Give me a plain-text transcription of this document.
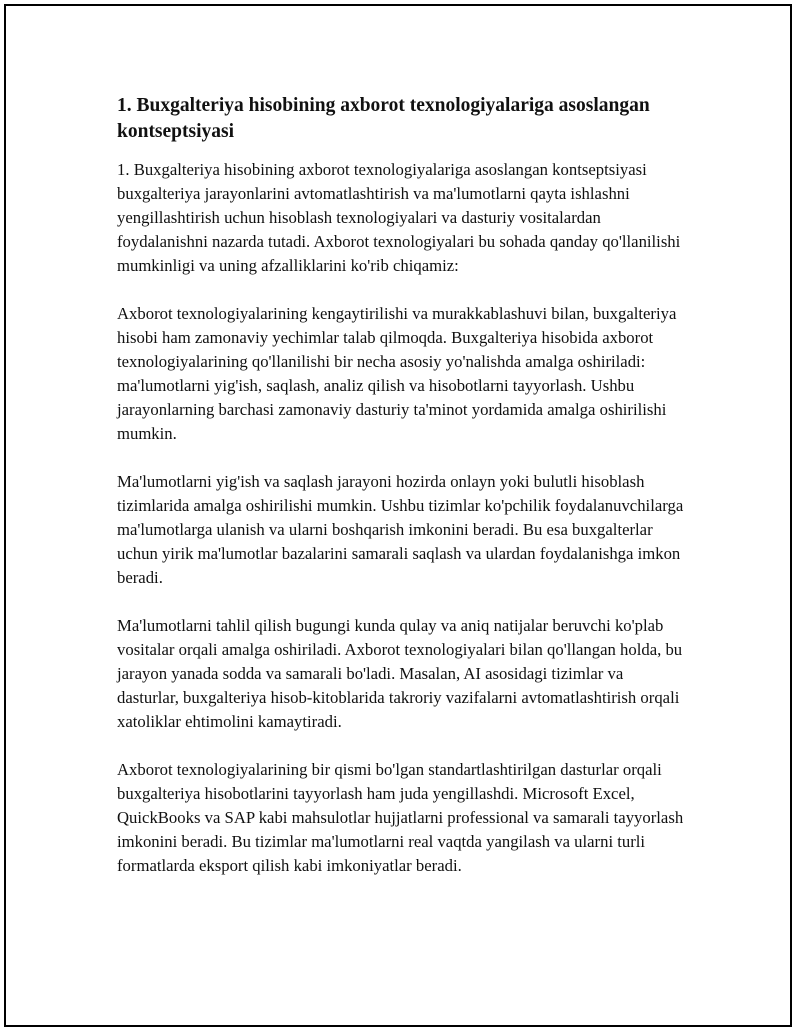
1. Buxgalteriya hisobining axborot texnologiyalariga asoslangan kontseptsiyasi

1. Buxgalteriya hisobining axborot texnologiyalariga asoslangan kontseptsiyasi buxgalteriya jarayonlarini avtomatlashtirish va ma'lumotlarni qayta ishlashni yengillashtirish uchun hisoblash texnologiyalari va dasturiy vositalardan foydalanishni nazarda tutadi. Axborot texnologiyalari bu sohada qanday qo'llanilishi mumkinligi va uning afzalliklarini ko'rib chiqamiz:

Axborot texnologiyalarining kengaytirilishi va murakkablashuvi bilan, buxgalteriya hisobi ham zamonaviy yechimlar talab qilmoqda. Buxgalteriya hisobida axborot texnologiyalarining qo'llanilishi bir necha asosiy yo'nalishda amalga oshiriladi: ma'lumotlarni yig'ish, saqlash, analiz qilish va hisobotlarni tayyorlash. Ushbu jarayonlarning barchasi zamonaviy dasturiy ta'minot yordamida amalga oshirilishi mumkin.

Ma'lumotlarni yig'ish va saqlash jarayoni hozirda onlayn yoki bulutli hisoblash tizimlarida amalga oshirilishi mumkin. Ushbu tizimlar ko'pchilik foydalanuvchilarga ma'lumotlarga ulanish va ularni boshqarish imkonini beradi. Bu esa buxgalterlar uchun yirik ma'lumotlar bazalarini samarali saqlash va ulardan foydalanishga imkon beradi.

Ma'lumotlarni tahlil qilish bugungi kunda qulay va aniq natijalar beruvchi ko'plab vositalar orqali amalga oshiriladi. Axborot texnologiyalari bilan qo'llangan holda, bu jarayon yanada sodda va samarali bo'ladi. Masalan, AI asosidagi tizimlar va dasturlar, buxgalteriya hisob-kitoblarida takroriy vazifalarni avtomatlashtirish orqali xatoliklar ehtimolini kamaytiradi.

Axborot texnologiyalarining bir qismi bo'lgan standartlashtirilgan dasturlar orqali buxgalteriya hisobotlarini tayyorlash ham juda yengillashdi. Microsoft Excel, QuickBooks va SAP kabi mahsulotlar hujjatlarni professional va samarali tayyorlash imkonini beradi. Bu tizimlar ma'lumotlarni real vaqtda yangilash va ularni turli formatlarda eksport qilish kabi imkoniyatlar beradi.
